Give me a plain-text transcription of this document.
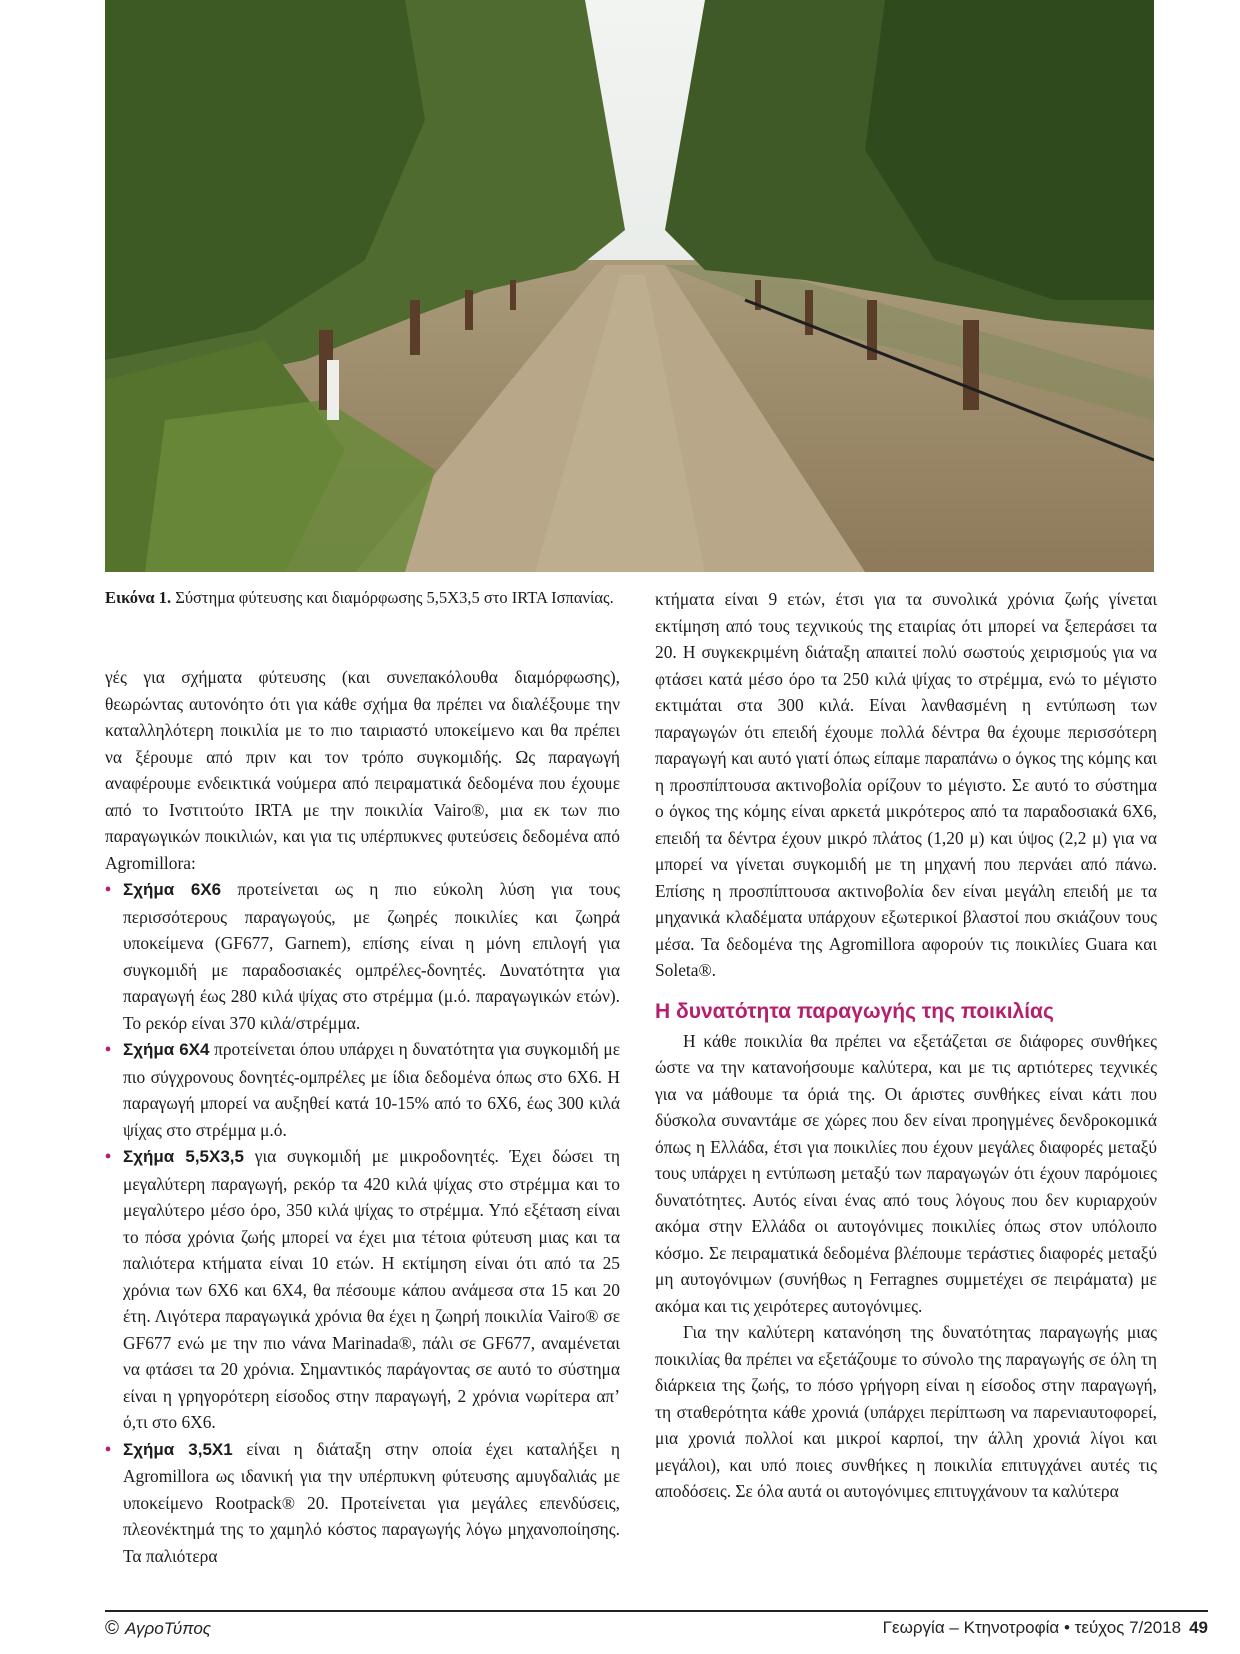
Εικόνα 1. Σύστημα φύτευσης και διαμόρφωσης 5,5Χ3,5 στο IRTA Ισπανίας.

γές για σχήματα φύτευσης (και συνεπακόλουθα διαμόρφωσης), θεωρώντας αυτονόητο ότι για κάθε σχήμα θα πρέπει να διαλέξουμε την καταλληλότερη ποικιλία με το πιο ταιριαστό υποκείμενο και θα πρέπει να ξέρουμε από πριν και τον τρόπο συγκομιδής. Ως παραγωγή αναφέρουμε ενδεικτικά νούμερα από πειραματικά δεδομένα που έχουμε από το Ινστιτούτο IRTA με την ποικιλία Vairo®, μια εκ των πιο παραγωγικών ποικιλιών, και για τις υπέρπυκνες φυτεύσεις δεδομένα από Agromillora:

• Σχήμα 6Χ6 προτείνεται ως η πιο εύκολη λύση για τους περισσότερους παραγωγούς, με ζωηρές ποικιλίες και ζωηρά υποκείμενα (GF677, Garnem), επίσης είναι η μόνη επιλογή για συγκομιδή με παραδοσιακές ομπρέλες-δονητές. Δυνατότητα για παραγωγή έως 280 κιλά ψίχας στο στρέμμα (μ.ό. παραγωγικών ετών). Το ρεκόρ είναι 370 κιλά/στρέμμα.
• Σχήμα 6Χ4 προτείνεται όπου υπάρχει η δυνατότητα για συγκομιδή με πιο σύγχρονους δονητές-ομπρέλες με ίδια δεδομένα όπως στο 6Χ6. Η παραγωγή μπορεί να αυξηθεί κατά 10-15% από το 6Χ6, έως 300 κιλά ψίχας στο στρέμμα μ.ό.
• Σχήμα 5,5Χ3,5 για συγκομιδή με μικροδονητές. Έχει δώσει τη μεγαλύτερη παραγωγή, ρεκόρ τα 420 κιλά ψίχας στο στρέμμα και το μεγαλύτερο μέσο όρο, 350 κιλά ψίχας το στρέμμα. Υπό εξέταση είναι το πόσα χρόνια ζωής μπορεί να έχει μια τέτοια φύτευση μιας και τα παλιότερα κτήματα είναι 10 ετών. Η εκτίμηση είναι ότι από τα 25 χρόνια των 6Χ6 και 6Χ4, θα πέσουμε κάπου ανάμεσα στα 15 και 20 έτη. Λιγότερα παραγωγικά χρόνια θα έχει η ζωηρή ποικιλία Vairo® σε GF677 ενώ με την πιο νάνα Marinada®, πάλι σε GF677, αναμένεται να φτάσει τα 20 χρόνια. Σημαντικός παράγοντας σε αυτό το σύστημα είναι η γρηγορότερη είσοδος στην παραγωγή, 2 χρόνια νωρίτερα απ’ ό,τι στο 6Χ6.
• Σχήμα 3,5Χ1 είναι η διάταξη στην οποία έχει καταλήξει η Agromillora ως ιδανική για την υπέρπυκνη φύτευσης αμυγδαλιάς με υποκείμενο Rootpack® 20. Προτείνεται για μεγάλες επενδύσεις, πλεονέκτημά της το χαμηλό κόστος παραγωγής λόγω μηχανοποίησης. Τα παλιότερα

κτήματα είναι 9 ετών, έτσι για τα συνολικά χρόνια ζωής γίνεται εκτίμηση από τους τεχνικούς της εταιρίας ότι μπορεί να ξεπεράσει τα 20. Η συγκεκριμένη διάταξη απαιτεί πολύ σωστούς χειρισμούς για να φτάσει κατά μέσο όρο τα 250 κιλά ψίχας το στρέμμα, ενώ το μέγιστο εκτιμάται στα 300 κιλά. Είναι λανθασμένη η εντύπωση των παραγωγών ότι επειδή έχουμε πολλά δέντρα θα έχουμε περισσότερη παραγωγή και αυτό γιατί όπως είπαμε παραπάνω ο όγκος της κόμης και η προσπίπτουσα ακτινοβολία ορίζουν το μέγιστο. Σε αυτό το σύστημα ο όγκος της κόμης είναι αρκετά μικρότερος από τα παραδοσιακά 6Χ6, επειδή τα δέντρα έχουν μικρό πλάτος (1,20 μ) και ύψος (2,2 μ) για να μπορεί να γίνεται συγκομιδή με τη μηχανή που περνάει από πάνω. Επίσης η προσπίπτουσα ακτινοβολία δεν είναι μεγάλη επειδή με τα μηχανικά κλαδέματα υπάρχουν εξωτερικοί βλαστοί που σκιάζουν τους μέσα. Τα δεδομένα της Agromillora αφορούν τις ποικιλίες Guara και Soleta®.

Η δυνατότητα παραγωγής της ποικιλίας

Η κάθε ποικιλία θα πρέπει να εξετάζεται σε διάφορες συνθήκες ώστε να την κατανοήσουμε καλύτερα, και με τις αρτιότερες τεχνικές για να μάθουμε τα όριά της. Οι άριστες συνθήκες είναι κάτι που δύσκολα συναντάμε σε χώρες που δεν είναι προηγμένες δενδροκομικά όπως η Ελλάδα, έτσι για ποικιλίες που έχουν μεγάλες διαφορές μεταξύ τους υπάρχει η εντύπωση μεταξύ των παραγωγών ότι έχουν παρόμοιες δυνατότητες. Αυτός είναι ένας από τους λόγους που δεν κυριαρχούν ακόμα στην Ελλάδα οι αυτογόνιμες ποικιλίες όπως στον υπόλοιπο κόσμο. Σε πειραματικά δεδομένα βλέπουμε τεράστιες διαφορές μεταξύ μη αυτογόνιμων (συνήθως η Ferragnes συμμετέχει σε πειράματα) με ακόμα και τις χειρότερες αυτογόνιμες.

Για την καλύτερη κατανόηση της δυνατότητας παραγωγής μιας ποικιλίας θα πρέπει να εξετάζουμε το σύνολο της παραγωγής σε όλη τη διάρκεια της ζωής, το πόσο γρήγορη είναι η είσοδος στην παραγωγή, τη σταθερότητα κάθε χρονιά (υπάρχει περίπτωση να παρενιαυτοφορεί, μια χρονιά πολλοί και μικροί καρποί, την άλλη χρονιά λίγοι και μεγάλοι), και υπό ποιες συνθήκες η ποικιλία επιτυγχάνει αυτές τις αποδόσεις. Σε όλα αυτά οι αυτογόνιμες επιτυγχάνουν τα καλύτερα

© ΑγροΤύπος	Γεωργία – Κτηνοτροφία • τεύχος 7/2018 49
